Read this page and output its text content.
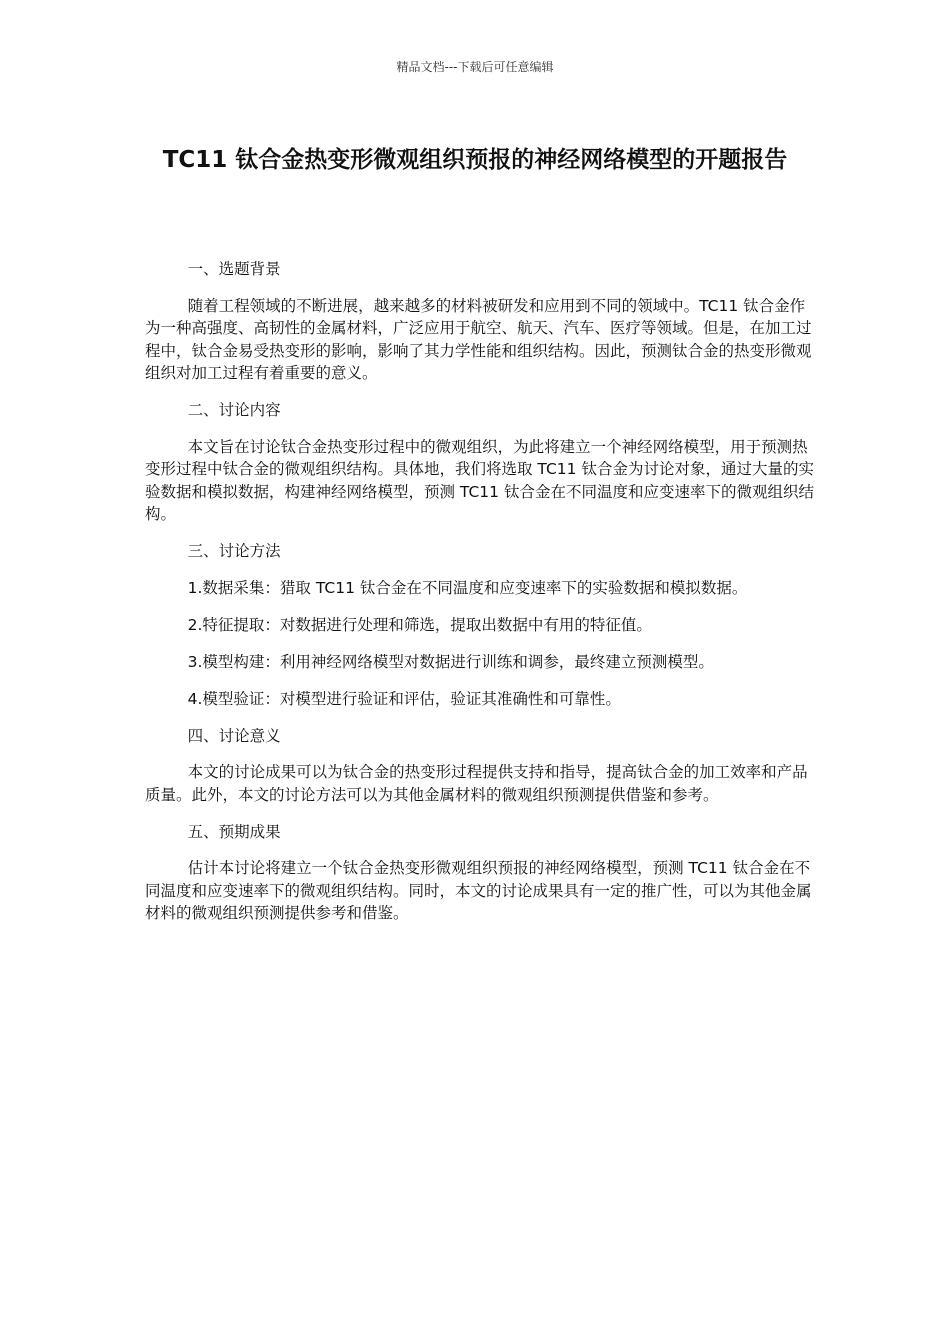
精品文档---下载后可任意编辑
TC11 钛合金热变形微观组织预报的神经网络模型的开题报告

一、选题背景

随着工程领域的不断进展，越来越多的材料被研发和应用到不同的领域中。TC11 钛合金作为一种高强度、高韧性的金属材料，广泛应用于航空、航天、汽车、医疗等领域。但是，在加工过程中，钛合金易受热变形的影响，影响了其力学性能和组织结构。因此，预测钛合金的热变形微观组织对加工过程有着重要的意义。

二、讨论内容

本文旨在讨论钛合金热变形过程中的微观组织，为此将建立一个神经网络模型，用于预测热变形过程中钛合金的微观组织结构。具体地，我们将选取 TC11 钛合金为讨论对象，通过大量的实验数据和模拟数据，构建神经网络模型，预测 TC11 钛合金在不同温度和应变速率下的微观组织结构。

三、讨论方法

1.数据采集：猎取 TC11 钛合金在不同温度和应变速率下的实验数据和模拟数据。

2.特征提取：对数据进行处理和筛选，提取出数据中有用的特征值。

3.模型构建：利用神经网络模型对数据进行训练和调参，最终建立预测模型。

4.模型验证：对模型进行验证和评估，验证其准确性和可靠性。

四、讨论意义

本文的讨论成果可以为钛合金的热变形过程提供支持和指导，提高钛合金的加工效率和产品质量。此外，本文的讨论方法可以为其他金属材料的微观组织预测提供借鉴和参考。

五、预期成果

估计本讨论将建立一个钛合金热变形微观组织预报的神经网络模型，预测 TC11 钛合金在不同温度和应变速率下的微观组织结构。同时，本文的讨论成果具有一定的推广性，可以为其他金属材料的微观组织预测提供参考和借鉴。
